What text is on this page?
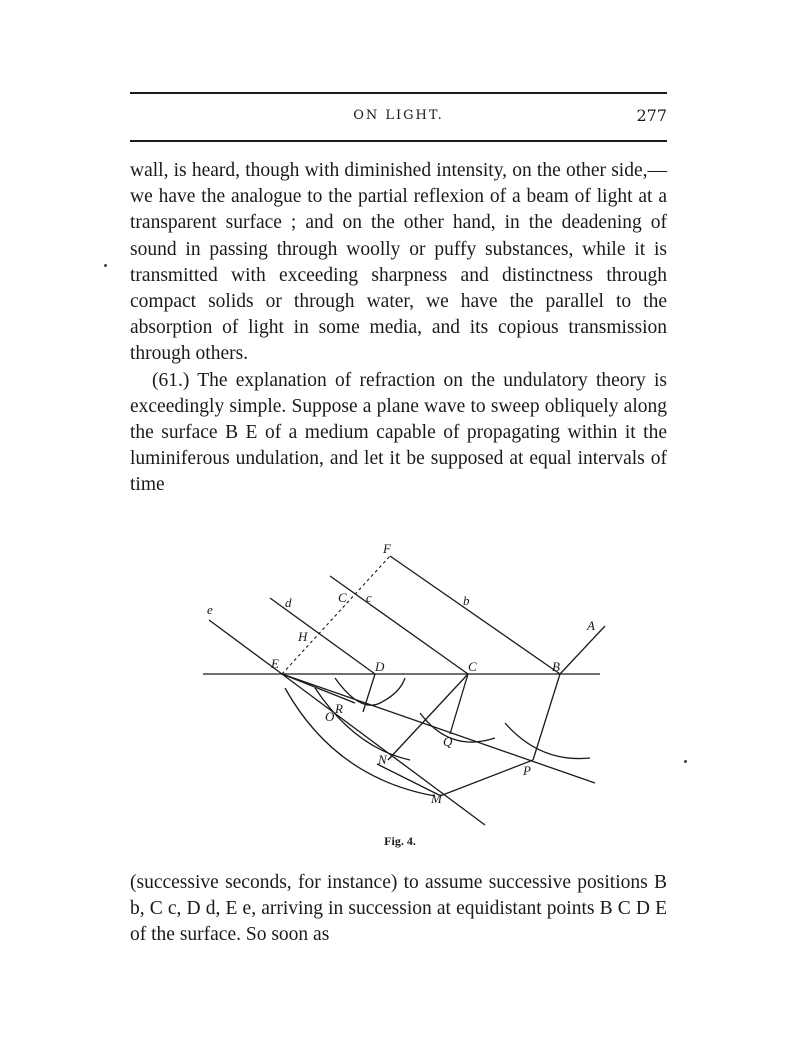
ON LIGHT.	277

wall, is heard, though with diminished intensity, on the other side,—we have the analogue to the partial reflexion of a beam of light at a transparent surface ; and on the other hand, in the deadening of sound in passing through woolly or puffy substances, while it is transmitted with exceeding sharpness and distinctness through compact solids or through water, we have the parallel to the absorption of light in some media, and its copious transmission through others.
(61.) The explanation of refraction on the undulatory theory is exceedingly simple. Suppose a plane wave to sweep obliquely along the surface B E of a medium capable of propagating within it the luminiferous undulation, and let it be supposed at equal intervals of time

F
b
A
c
C
d
e
H
E	D	C	B
R
O
Q
N
P
M
Fig. 4.

(successive seconds, for instance) to assume successive positions B b, C c, D d, E e, arriving in succession at equidistant points B C D E of the surface. So soon as
